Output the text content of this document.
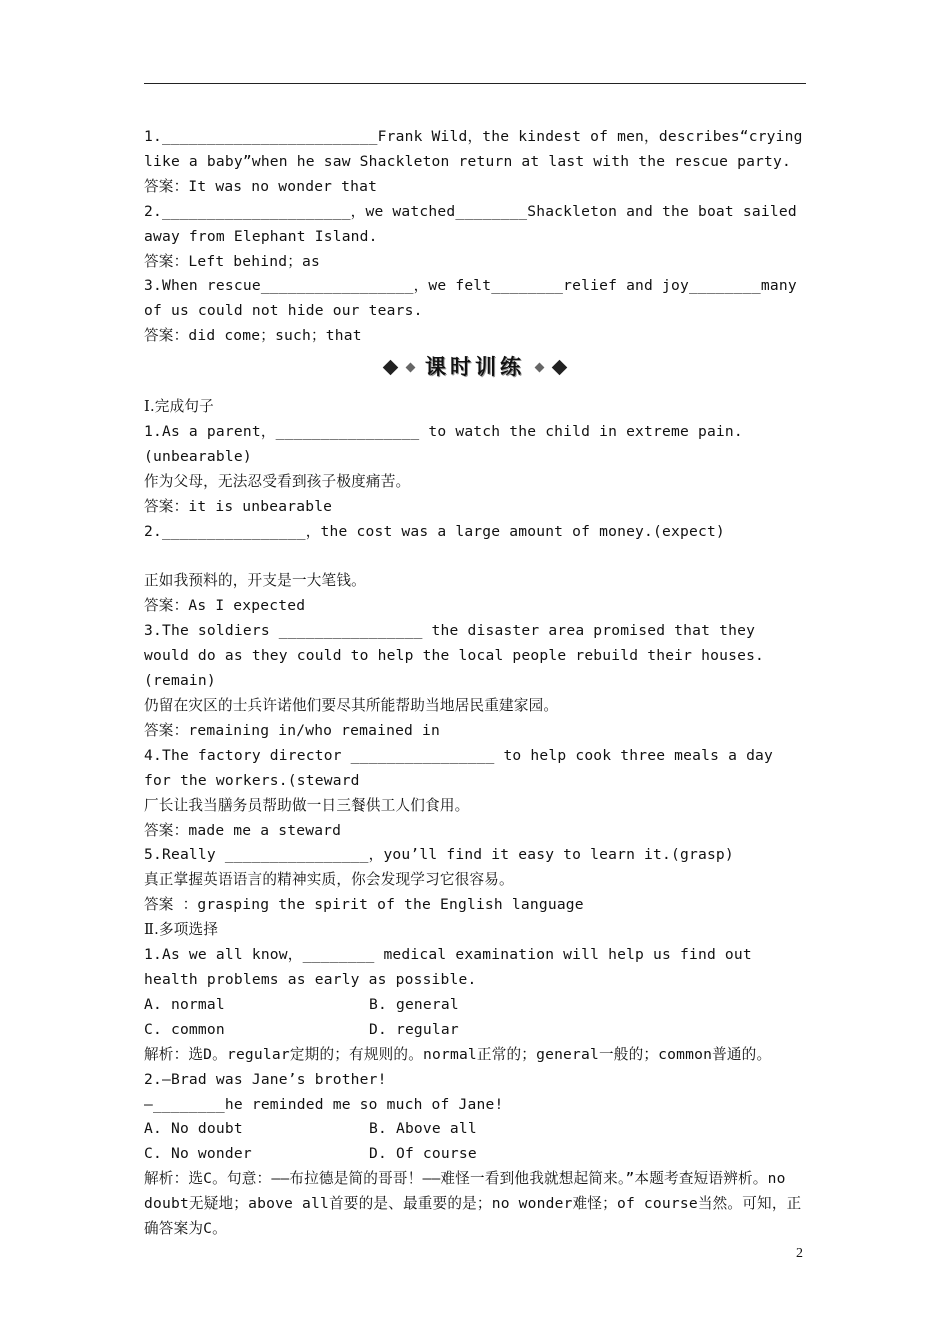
1.________________________Frank Wild，the kindest of men，describes“crying like a baby”when he saw Shackleton return at last with the rescue party.
答案：It was no wonder that
2._____________________，we watched________Shackleton and the boat sailed away from Elephant Island.
答案：Left behind；as
3.When rescue_________________，we felt________relief and joy________many of us could not hide our tears.
答案：did come；such；that
课时训练
Ⅰ.完成句子
1.As a parent，________________ to watch the child in extreme pain.(unbearable)
作为父母，无法忍受看到孩子极度痛苦。
答案：it is unbearable
2.________________，the cost was a large amount of money.(expect)
正如我预料的，开支是一大笔钱。
答案：As I expected
3.The soldiers ________________ the disaster area promised that they would do as they could to help the local people rebuild their houses.(remain)
仍留在灾区的士兵许诺他们要尽其所能帮助当地居民重建家园。
答案：remaining in/who remained in
4.The factory director ________________ to help cook three meals a day for the workers.(steward
厂长让我当膳务员帮助做一日三餐供工人们食用。
答案：made me a steward
5.Really ________________，you’ll find it easy to learn it.(grasp)
真正掌握英语语言的精神实质，你会发现学习它很容易。
答案 ：grasping the spirit of the English language
Ⅱ.多项选择
1.As we all know，________ medical examination will help us find out health problems as early as possible.
A. normal	B. general
C. common	D. regular
解析：选D。regular定期的；有规则的。normal正常的；general一般的；common普通的。
2.—Brad was Jane’s brother!
—________he reminded me so much of Jane!
A. No doubt	B. Above all
C. No wonder	D. Of course
解析：选C。句意：——布拉德是简的哥哥！——难怪一看到他我就想起简来。”本题考查短语辨析。no doubt无疑地；above all首要的是、最重要的是；no wonder难怪；of course当然。可知，正确答案为C。
2
